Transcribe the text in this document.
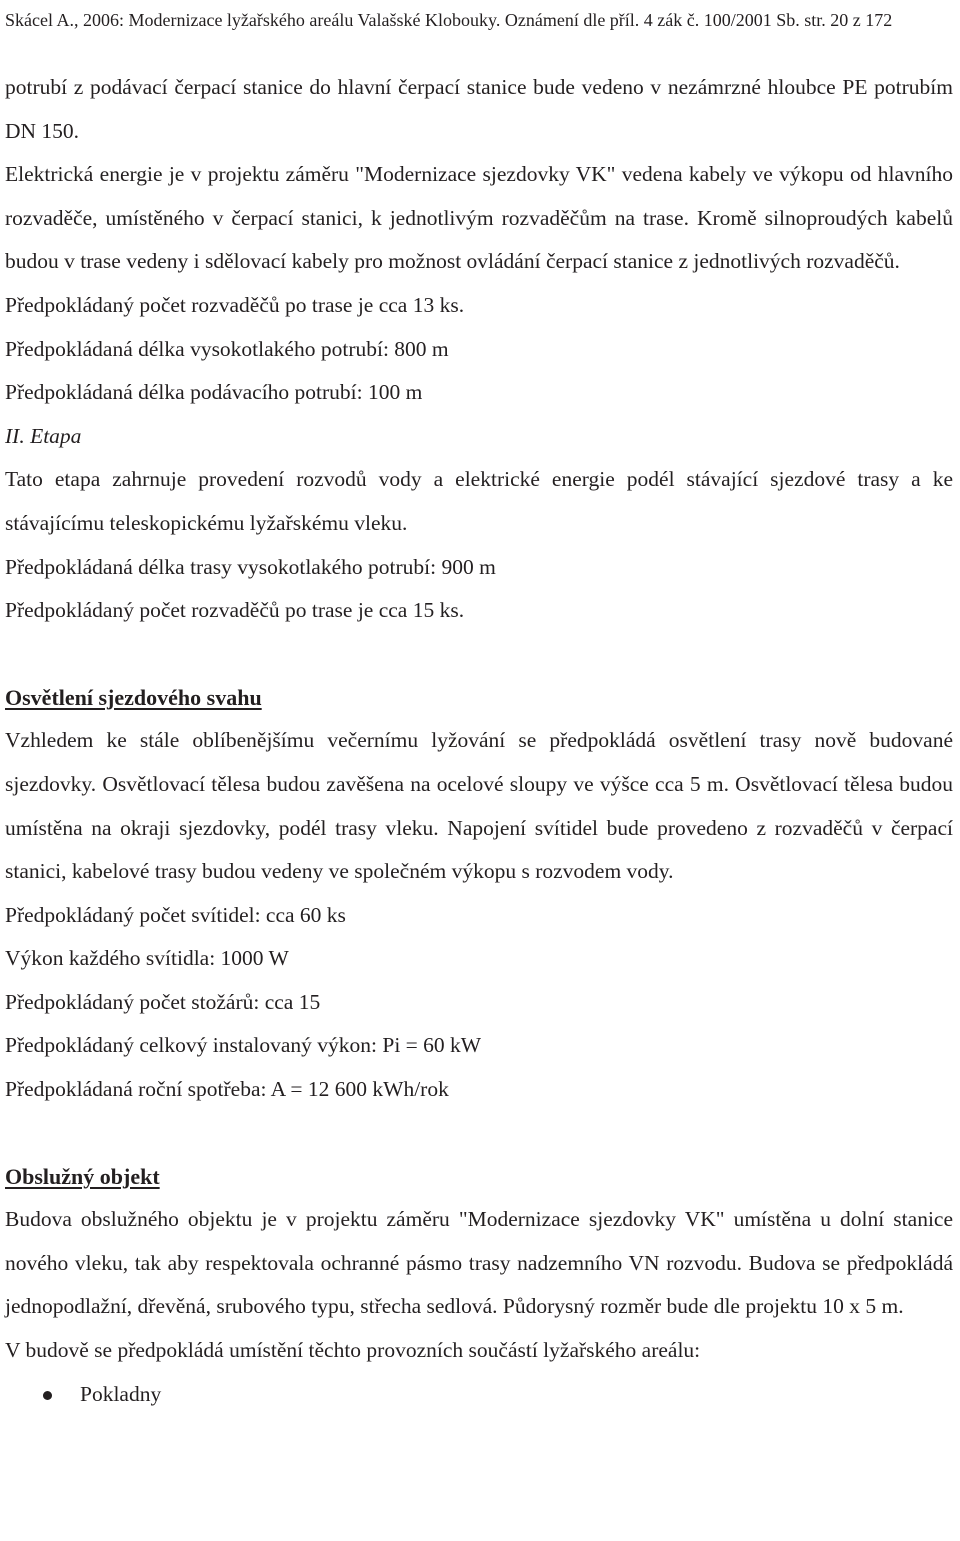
Skácel A., 2006: Modernizace lyžařského areálu Valašské Klobouky. Oznámení dle příl. 4 zák č. 100/2001 Sb. str. 20 z 172

potrubí z podávací čerpací stanice do hlavní čerpací stanice bude vedeno v nezámrzné hloubce PE potrubím DN 150.

Elektrická energie je v projektu záměru "Modernizace sjezdovky VK" vedena kabely ve výkopu od hlavního rozvaděče, umístěného v čerpací stanici, k jednotlivým rozvaděčům na trase. Kromě silnoproudých kabelů budou v trase vedeny i sdělovací kabely pro možnost ovládání čerpací stanice z jednotlivých rozvaděčů.

Předpokládaný počet rozvaděčů po trase je cca 13 ks.

Předpokládaná délka vysokotlakého potrubí: 800 m

Předpokládaná délka podávacího potrubí: 100 m

II. Etapa

Tato etapa zahrnuje provedení rozvodů vody a elektrické energie podél stávající sjezdové trasy a ke stávajícímu teleskopickému lyžařskému vleku.

Předpokládaná délka trasy vysokotlakého potrubí: 900 m

Předpokládaný počet rozvaděčů po trase je cca 15 ks.

Osvětlení sjezdového svahu

Vzhledem ke stále oblíbenějšímu večernímu lyžování se předpokládá osvětlení trasy nově budované sjezdovky. Osvětlovací tělesa budou zavěšena na ocelové sloupy ve výšce cca 5 m. Osvětlovací tělesa budou umístěna na okraji sjezdovky, podél trasy vleku. Napojení svítidel bude provedeno z rozvaděčů v čerpací stanici, kabelové trasy budou vedeny ve společném výkopu s rozvodem vody.

Předpokládaný počet svítidel: cca 60 ks

Výkon každého svítidla: 1000 W

Předpokládaný počet stožárů: cca 15

Předpokládaný celkový instalovaný výkon: Pi = 60 kW

Předpokládaná roční spotřeba: A = 12 600 kWh/rok

Obslužný objekt

Budova obslužného objektu je v projektu záměru "Modernizace sjezdovky VK" umístěna u dolní stanice nového vleku, tak aby respektovala ochranné pásmo trasy nadzemního VN rozvodu. Budova se předpokládá jednopodlažní, dřevěná, srubového typu, střecha sedlová. Půdorysný rozměr bude dle projektu 10 x 5 m.

V budově se předpokládá umístění těchto provozních součástí lyžařského areálu:

Pokladny
